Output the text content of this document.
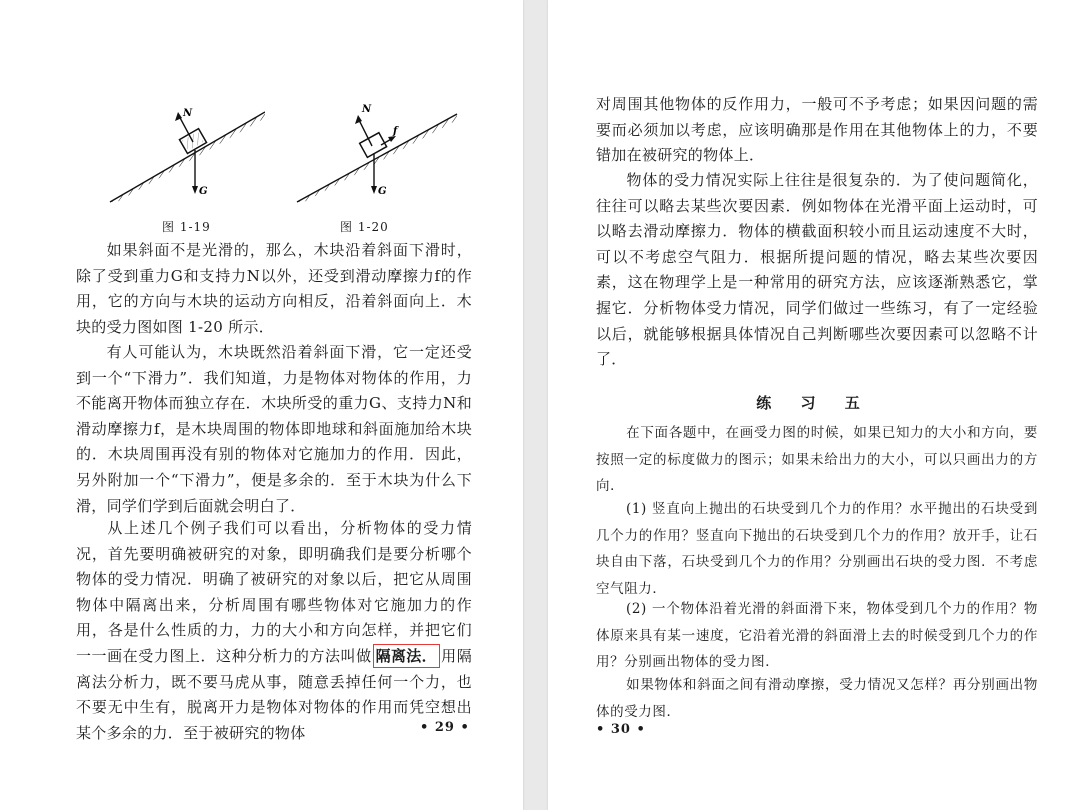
N
G
图 1-19
N
f
G
图 1-20

如果斜面不是光滑的，那么，木块沿着斜面下滑时，除了受到重力G和支持力N以外，还受到滑动摩擦力f的作用，它的方向与木块的运动方向相反，沿着斜面向上．木块的受力图如图 1-20 所示．

有人可能认为，木块既然沿着斜面下滑，它一定还受到一个“下滑力”．我们知道，力是物体对物体的作用，力不能离开物体而独立存在．木块所受的重力G、支持力N和滑动摩擦力f，是木块周围的物体即地球和斜面施加给木块的．木块周围再没有别的物体对它施加力的作用．因此，另外附加一个“下滑力”，便是多余的．至于木块为什么下滑，同学们学到后面就会明白了．

从上述几个例子我们可以看出，分析物体的受力情况，首先要明确被研究的对象，即明确我们是要分析哪个物体的受力情况．明确了被研究的对象以后，把它从周围物体中隔离出来，分析周围有哪些物体对它施加力的作用，各是什么性质的力，力的大小和方向怎样，并把它们一一画在受力图上．这种分析力的方法叫做 隔离法． 用隔离法分析力，既不要马虎从事，随意丢掉任何一个力，也不要无中生有，脱离开力是物体对物体的作用而凭空想出某个多余的力．至于被研究的物体	• 29 •

对周围其他物体的反作用力，一般可不予考虑；如果因问题的需要而必须加以考虑，应该明确那是作用在其他物体上的力，不要错加在被研究的物体上．

物体的受力情况实际上往往是很复杂的．为了使问题简化，往往可以略去某些次要因素．例如物体在光滑平面上运动时，可以略去滑动摩擦力．物体的横截面积较小而且运动速度不大时，可以不考虑空气阻力．根据所提问题的情况，略去某些次要因素，这在物理学上是一种常用的研究方法，应该逐渐熟悉它，掌握它．分析物体受力情况，同学们做过一些练习，有了一定经验以后，就能够根据具体情况自己判断哪些次要因素可以忽略不计了．

练 习 五

在下面各题中，在画受力图的时候，如果已知力的大小和方向，要按照一定的标度做力的图示；如果未给出力的大小，可以只画出力的方向．

(1) 竖直向上抛出的石块受到几个力的作用？水平抛出的石块受到几个力的作用？竖直向下抛出的石块受到几个力的作用？放开手，让石块自由下落，石块受到几个力的作用？分别画出石块的受力图．不考虑空气阻力．

(2) 一个物体沿着光滑的斜面滑下来，物体受到几个力的作用？物体原来具有某一速度，它沿着光滑的斜面滑上去的时候受到几个力的作用？分别画出物体的受力图．

如果物体和斜面之间有滑动摩擦，受力情况又怎样？再分别画出物体的受力图．

• 30 •
